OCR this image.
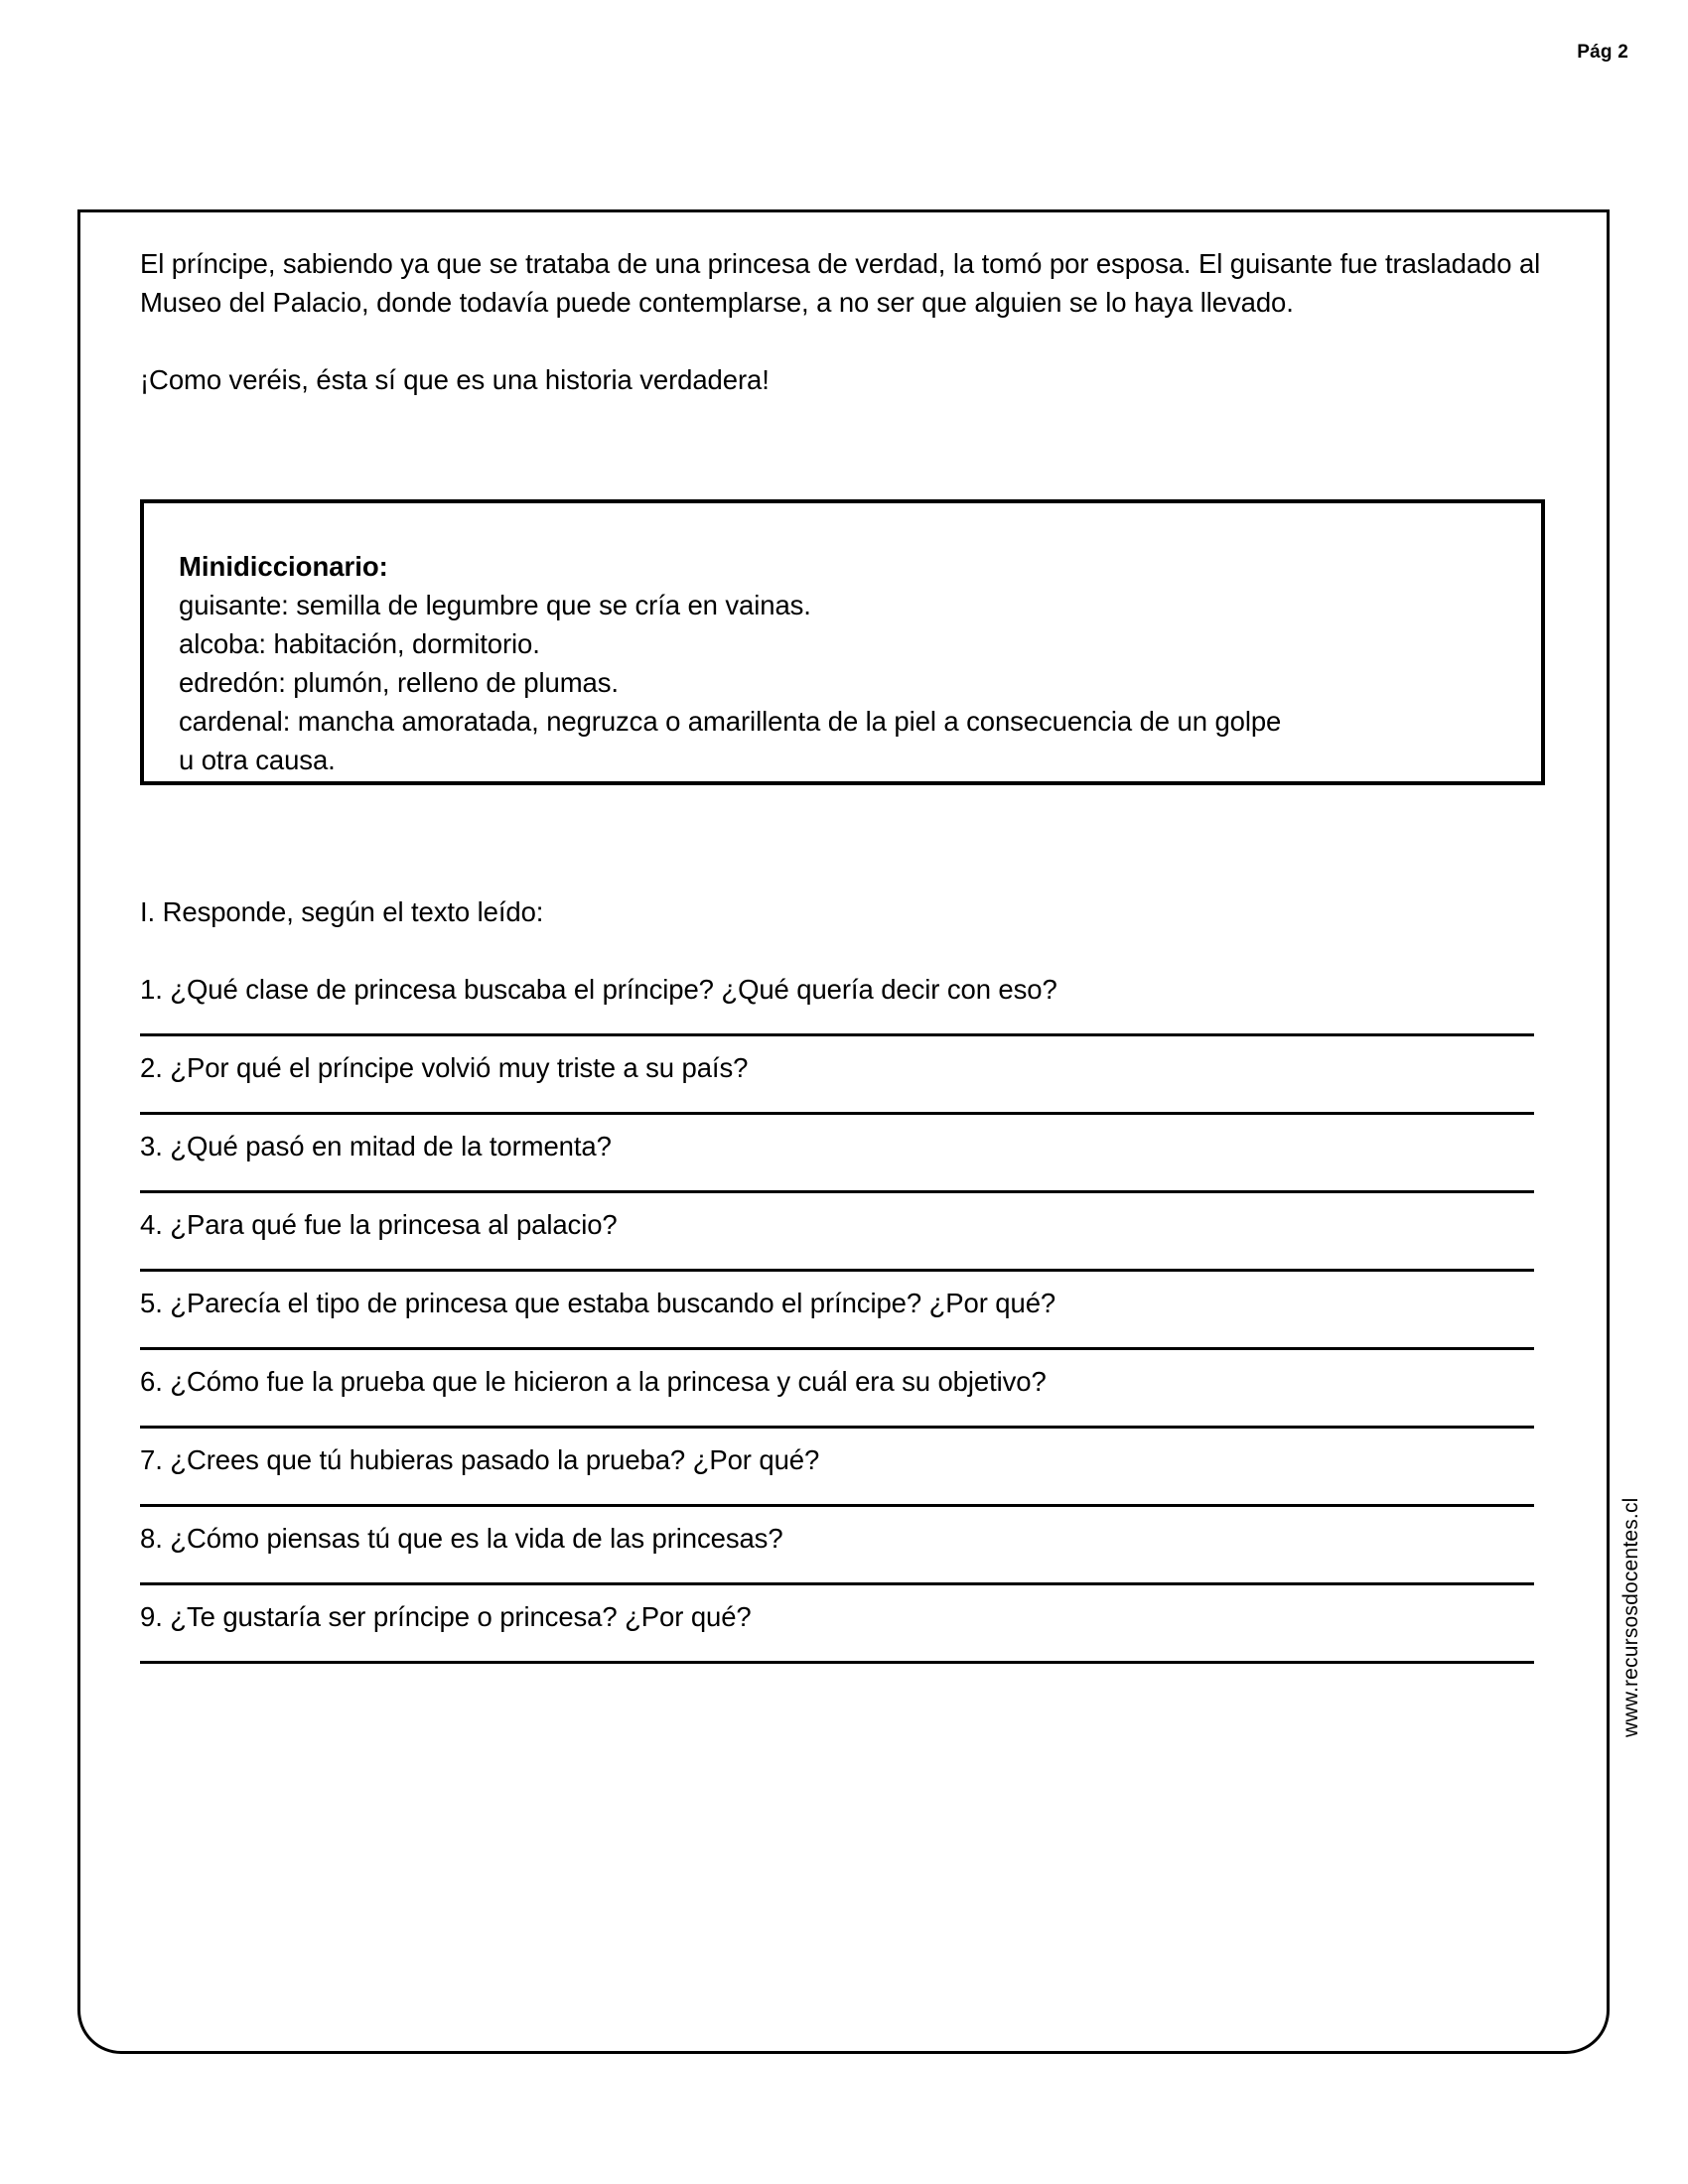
Pág 2

El príncipe, sabiendo ya que se trataba de una princesa de verdad, la tomó por esposa. El guisante fue trasladado al Museo del Palacio, donde todavía puede contemplarse, a no ser que alguien se lo haya llevado.

¡Como veréis, ésta sí que es una historia verdadera!

Minidiccionario:

guisante: semilla de legumbre que se cría en vainas.

alcoba: habitación, dormitorio.

edredón: plumón, relleno de plumas.

cardenal: mancha amoratada, negruzca o amarillenta de la piel a consecuencia de un golpe

u otra causa.

I. Responde, según el texto leído:
1. ¿Qué clase de princesa buscaba el príncipe? ¿Qué quería decir con eso?
2. ¿Por qué el príncipe volvió muy triste a su país?
3. ¿Qué pasó en mitad de la tormenta?
4. ¿Para qué fue la princesa al palacio?
5. ¿Parecía el tipo de princesa que estaba buscando el príncipe? ¿Por qué?
6. ¿Cómo fue la prueba que le hicieron a la princesa y cuál era su objetivo?
7. ¿Crees que tú hubieras pasado la prueba? ¿Por qué?
8. ¿Cómo piensas tú que es la vida de las princesas?
9. ¿Te gustaría ser príncipe o princesa? ¿Por qué?	www.recursosdocentes.cl
